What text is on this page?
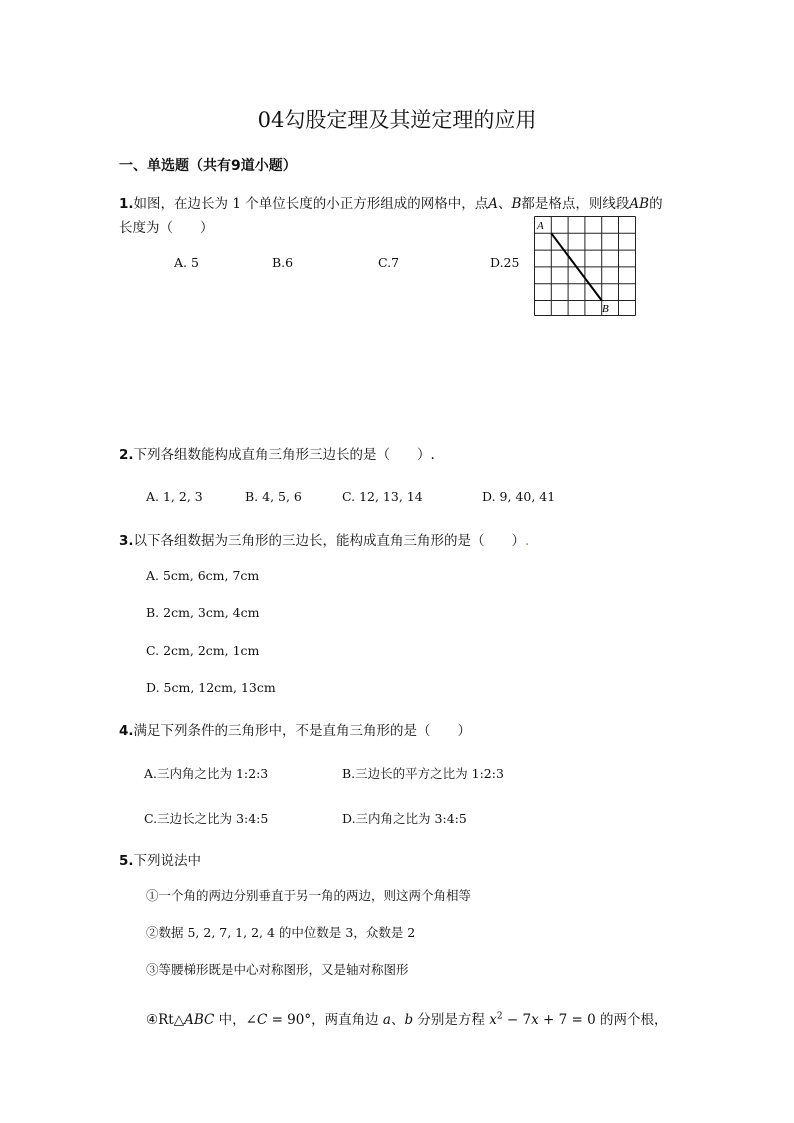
04勾股定理及其逆定理的应用
一、单选题（共有9道小题）
1.如图，在边长为 1 个单位长度的小正方形组成的网格中，点A、B都是格点，则线段AB的
长度为（　　）
A. 5	B.6	C.7	D.25
A
B
2.下列各组数能构成直角三角形三边长的是（　　）.
A. 1, 2, 3	B. 4, 5, 6	C. 12, 13, 14	D. 9, 40, 41
3.以下各组数据为三角形的三边长，能构成直角三角形的是（　　）.
A. 5cm, 6cm, 7cm
B. 2cm, 3cm, 4cm
C. 2cm, 2cm, 1cm
D. 5cm, 12cm, 13cm
4.满足下列条件的三角形中，不是直角三角形的是（　　）
A.三内角之比为 1:2:3	B.三边长的平方之比为 1:2:3
C.三边长之比为 3:4:5	D.三内角之比为 3:4:5
5.下列说法中
①一个角的两边分别垂直于另一角的两边，则这两个角相等
②数据 5, 2, 7, 1, 2, 4 的中位数是 3，众数是 2
③等腰梯形既是中心对称图形，又是轴对称图形
④Rt△ABC 中，∠C = 90°，两直角边 a、b 分别是方程 $x^2 - 7x + 7 = 0$ 的两个根，
